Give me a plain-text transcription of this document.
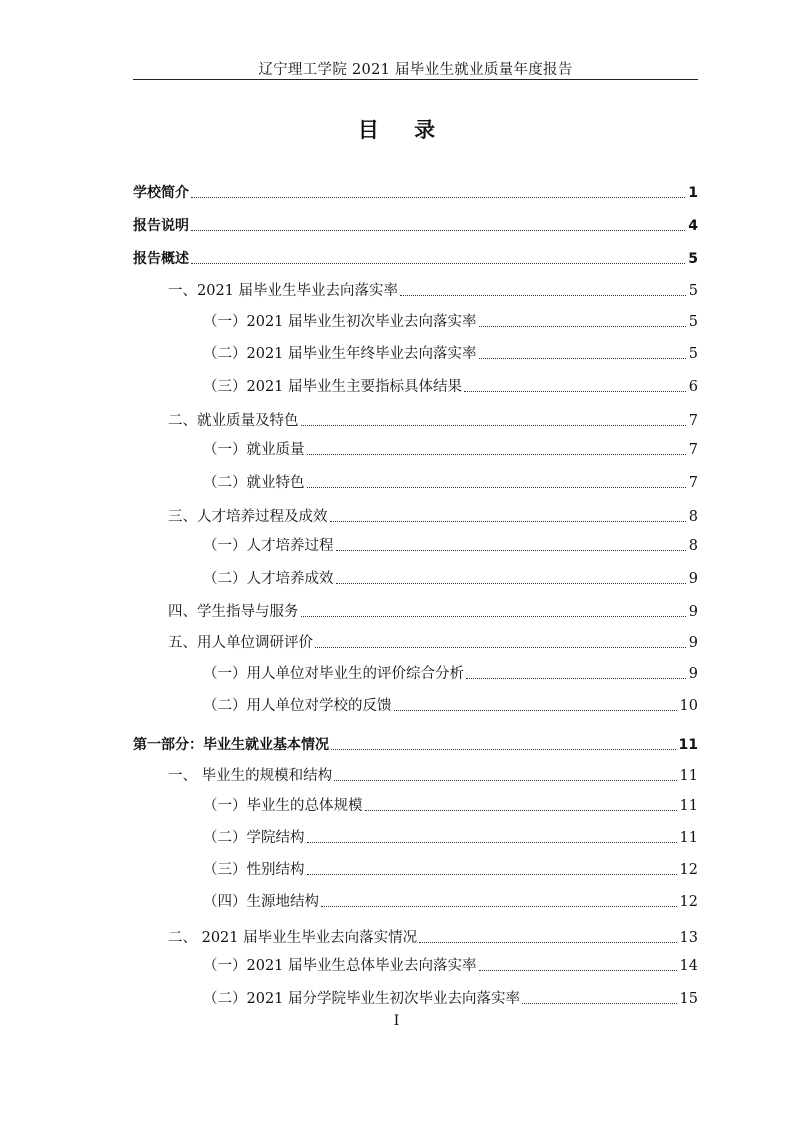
辽宁理工学院 2021 届毕业生就业质量年度报告
目 录
学校简介	1
报告说明	4
报告概述	5
一、2021 届毕业生毕业去向落实率	5
（一）2021 届毕业生初次毕业去向落实率	5
（二）2021 届毕业生年终毕业去向落实率	5
（三）2021 届毕业生主要指标具体结果	6
二、就业质量及特色	7
（一）就业质量	7
（二）就业特色	7
三、人才培养过程及成效	8
（一）人才培养过程	8
（二）人才培养成效	9
四、学生指导与服务	9
五、用人单位调研评价	9
（一）用人单位对毕业生的评价综合分析	9
（二）用人单位对学校的反馈	10
第一部分：毕业生就业基本情况	11
一、 毕业生的规模和结构	11
（一）毕业生的总体规模	11
（二）学院结构	11
（三）性别结构	12
（四）生源地结构	12
二、 2021 届毕业生毕业去向落实情况	13
（一）2021 届毕业生总体毕业去向落实率	14
（二）2021 届分学院毕业生初次毕业去向落实率	15
I
